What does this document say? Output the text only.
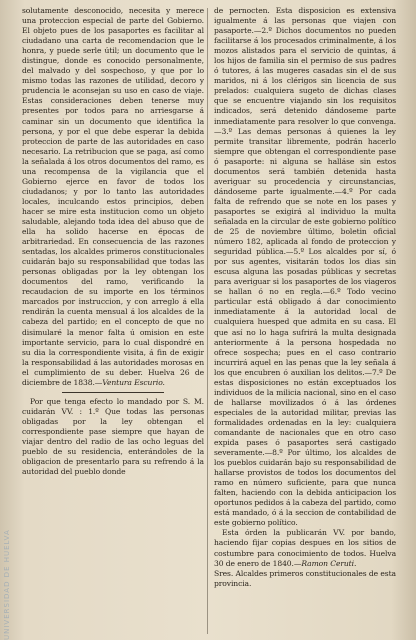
solutamente desconocido, necesita y merece una proteccion especial de parte del Gobierno. El objeto pues de los pasaportes es facilitar al ciudadano una carta de recomendacion que le honra, y puede serle útil; un documento que le distingue, donde es conocido personalmente, del malvado y del sospechoso, y que por lo mismo todas las razones de utilidad, decoro y prudencia le aconsejan su uso en caso de viaje. Estas consideraciones deben tenerse muy presentes por todos para no arriesgarse á caminar sin un documento que identifica la persona, y por el que debe esperar la debida proteccion de parte de las autoridades en caso necesario. La retribucion que se paga, así como la señalada á los otros documentos del ramo, es una recompensa de la vigilancia que el Gobierno ejerce en favor de todos los ciudadanos; y por lo tanto las autoridades locales, inculcando estos principios, deben hacer se mire esta institucion como un objeto saludable, alejando toda idea del abuso que de ella ha solido hacerse en épocas de arbitrariedad. En consecuencia de las razones sentadas, los alcaldes primeros constitucionales cuidarán bajo su responsabilidad que todas las personas obligadas por la ley obtengan los documentos del ramo, verificando la recaudacion de su importe en los términos marcados por instruccion, y con arreglo á ella rendirán la cuenta mensual á los alcaldes de la cabeza del partido; en el concepto de que no disimularé la menor falta ú omision en este importante servicio, para lo cual dispondré en su dia la correspondiente visita, á fin de exigir la responsabilidad á las autoridades morosas en el cumplimiento de su deber. Huelva 26 de diciembre de 1838.—Ventura Escurio.

Por que tenga efecto lo mandado por S. M. cuidarán VV. : 1.º Que todas las personas obligadas por la ley obtengan el correspondiente pase siempre que hayan de viajar dentro del radio de las ocho leguas del pueblo de su residencia, enterándoles de la obligacion de presentarlo para su refrendo á la autoridad del pueblo donde

de pernocten. Esta disposicion es extensiva igualmente á las personas que viajen con pasaporte.—2.º Dichos documentos no pueden facilitarse á los procesados criminalmente, á los mozos alistados para el servicio de quintas, á los hijos de familia sin el permiso de sus padres ó tutores, á las mugeres casadas sin el de sus maridos, ni á los clérigos sin licencia de sus prelados: cualquiera sugeto de dichas clases que se encuentre viajando sin los requisitos indicados, será detenido dándoseme parte inmediatamente para resolver lo que convenga.—3.º Las demas personas á quienes la ley permite transitar libremente, podrán hacerlo siempre que obtengan el correspondiente pase ó pasaporte: ni alguna se halláse sin estos documentos será también detenida hasta averiguar su procedencia y circunstancias, dándoseme parte igualmente.—4.º Por cada falta de refrendo que se note en los pases y pasaportes se exigirá al individuo la multa señalada en la circular de este gobierno político de 25 de noviembre último, boletin oficial número 182, aplicada al fondo de proteccion y seguridad pública.—5.º Los alcaldes por sí, ó por sus agentes, visitarán todos los dias sin escusa alguna las posadas públicas y secretas para averiguar si los pasaportes de los viageros se hallan ó no en regla.—6.º Todo vecino particular está obligado á dar conocimiento inmediatamente á la autoridad local de cualquiera huesped que admita en su casa. El que así no lo haga sufrirá la multa designada anteriormente á la persona hospedada no ofrece sospecha; pues en el caso contrario incurrirá aquel en las penas que la ley señala á los que encubren ó auxilian los delitos.—7.º De estas disposiciones no están exceptuados los individuos de la milicia nacional, sino en el caso de hallarse movilizados ó á las órdenes especiales de la autoridad militar, previas las formalidades ordenadas en la ley: cualquiera comandante de nacionales que en otro caso expida pases ó pasaportes será castigado severamente.—8.º Por último, los alcaldes de los pueblos cuidarán bajo su responsabilidad de hallarse provistos de todos los documentos del ramo en número suficiente, para que nunca falten, haciendo con la debida anticipacion los oportunos pedidos á la cabeza del partido, como está mandado, ó á la seccion de contabilidad de este gobierno político.

Esta órden la publicarán VV. por bando, haciendo fijar copias despues en los sitios de costumbre para conocimiento de todos. Huelva 30 de enero de 1840.—Ramon Ceruti.

Sres. Alcaldes primeros constitucionales de esta provincia.

UNIVERSIDAD DE HUELVA
